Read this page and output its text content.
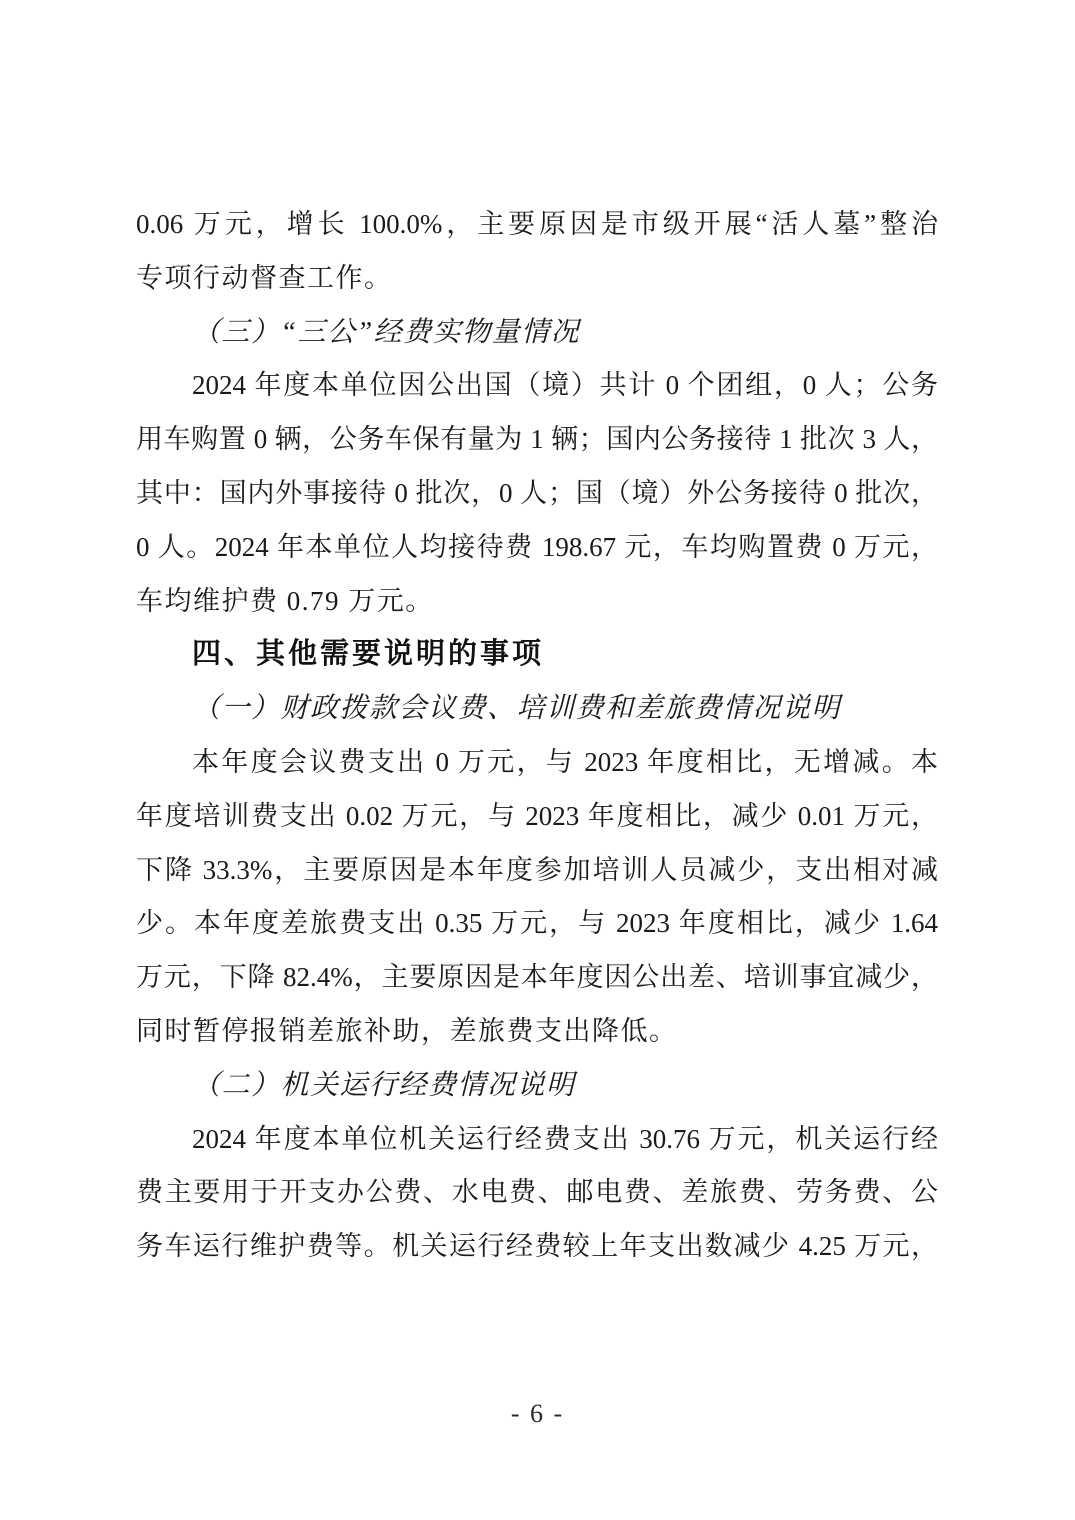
0.06 万元，增长 100.0%，主要原因是市级开展“活人墓”整治
专项行动督查工作。
（三）“三公”经费实物量情况
2024 年度本单位因公出国（境）共计 0 个团组，0 人；公务
用车购置 0 辆，公务车保有量为 1 辆；国内公务接待 1 批次 3 人，
其中：国内外事接待 0 批次，0 人；国（境）外公务接待 0 批次，
0 人。2024 年本单位人均接待费 198.67 元，车均购置费 0 万元，
车均维护费 0.79 万元。
四、其他需要说明的事项
（一）财政拨款会议费、培训费和差旅费情况说明
本年度会议费支出 0 万元，与 2023 年度相比，无增减。本
年度培训费支出 0.02 万元，与 2023 年度相比，减少 0.01 万元，
下降 33.3%，主要原因是本年度参加培训人员减少，支出相对减
少。本年度差旅费支出 0.35 万元，与 2023 年度相比，减少 1.64
万元，下降 82.4%，主要原因是本年度因公出差、培训事宜减少，
同时暂停报销差旅补助，差旅费支出降低。
（二）机关运行经费情况说明
2024 年度本单位机关运行经费支出 30.76 万元，机关运行经
费主要用于开支办公费、水电费、邮电费、差旅费、劳务费、公
务车运行维护费等。机关运行经费较上年支出数减少 4.25 万元，
- 6 -
